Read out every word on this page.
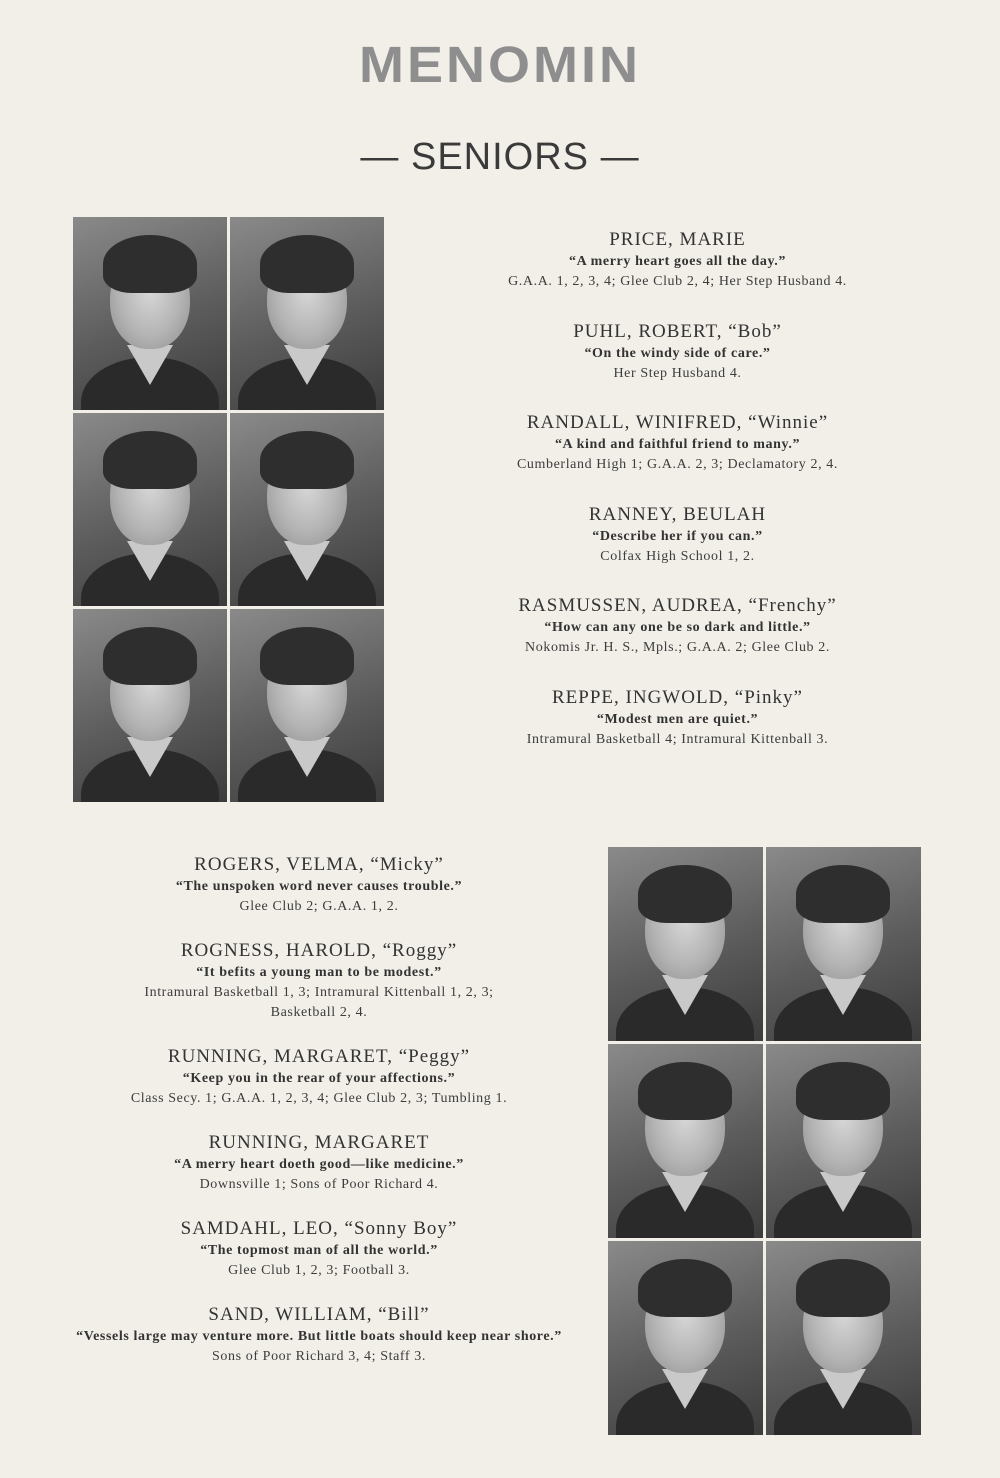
MENOMIN
— SENIORS —
PRICE, MARIE
“A merry heart goes all the day.”
G.A.A. 1, 2, 3, 4; Glee Club 2, 4; Her Step Husband 4.
PUHL, ROBERT, “Bob”
“On the windy side of care.”
Her Step Husband 4.
RANDALL, WINIFRED, “Winnie”
“A kind and faithful friend to many.”
Cumberland High 1; G.A.A. 2, 3; Declamatory 2, 4.
RANNEY, BEULAH
“Describe her if you can.”
Colfax High School 1, 2.
RASMUSSEN, AUDREA, “Frenchy”
“How can any one be so dark and little.”
Nokomis Jr. H. S., Mpls.; G.A.A. 2; Glee Club 2.
REPPE, INGWOLD, “Pinky”
“Modest men are quiet.”
Intramural Basketball 4; Intramural Kittenball 3.
ROGERS, VELMA, “Micky”
“The unspoken word never causes trouble.”
Glee Club 2; G.A.A. 1, 2.
ROGNESS, HAROLD, “Roggy”
“It befits a young man to be modest.”
Intramural Basketball 1, 3; Intramural Kittenball 1, 2, 3;
Basketball 2, 4.
RUNNING, MARGARET, “Peggy”
“Keep you in the rear of your affections.”
Class Secy. 1; G.A.A. 1, 2, 3, 4; Glee Club 2, 3; Tumbling 1.
RUNNING, MARGARET
“A merry heart doeth good—like medicine.”
Downsville 1; Sons of Poor Richard 4.
SAMDAHL, LEO, “Sonny Boy”
“The topmost man of all the world.”
Glee Club 1, 2, 3; Football 3.
SAND, WILLIAM, “Bill”
“Vessels large may venture more. But little boats should keep near shore.”
Sons of Poor Richard 3, 4; Staff 3.
